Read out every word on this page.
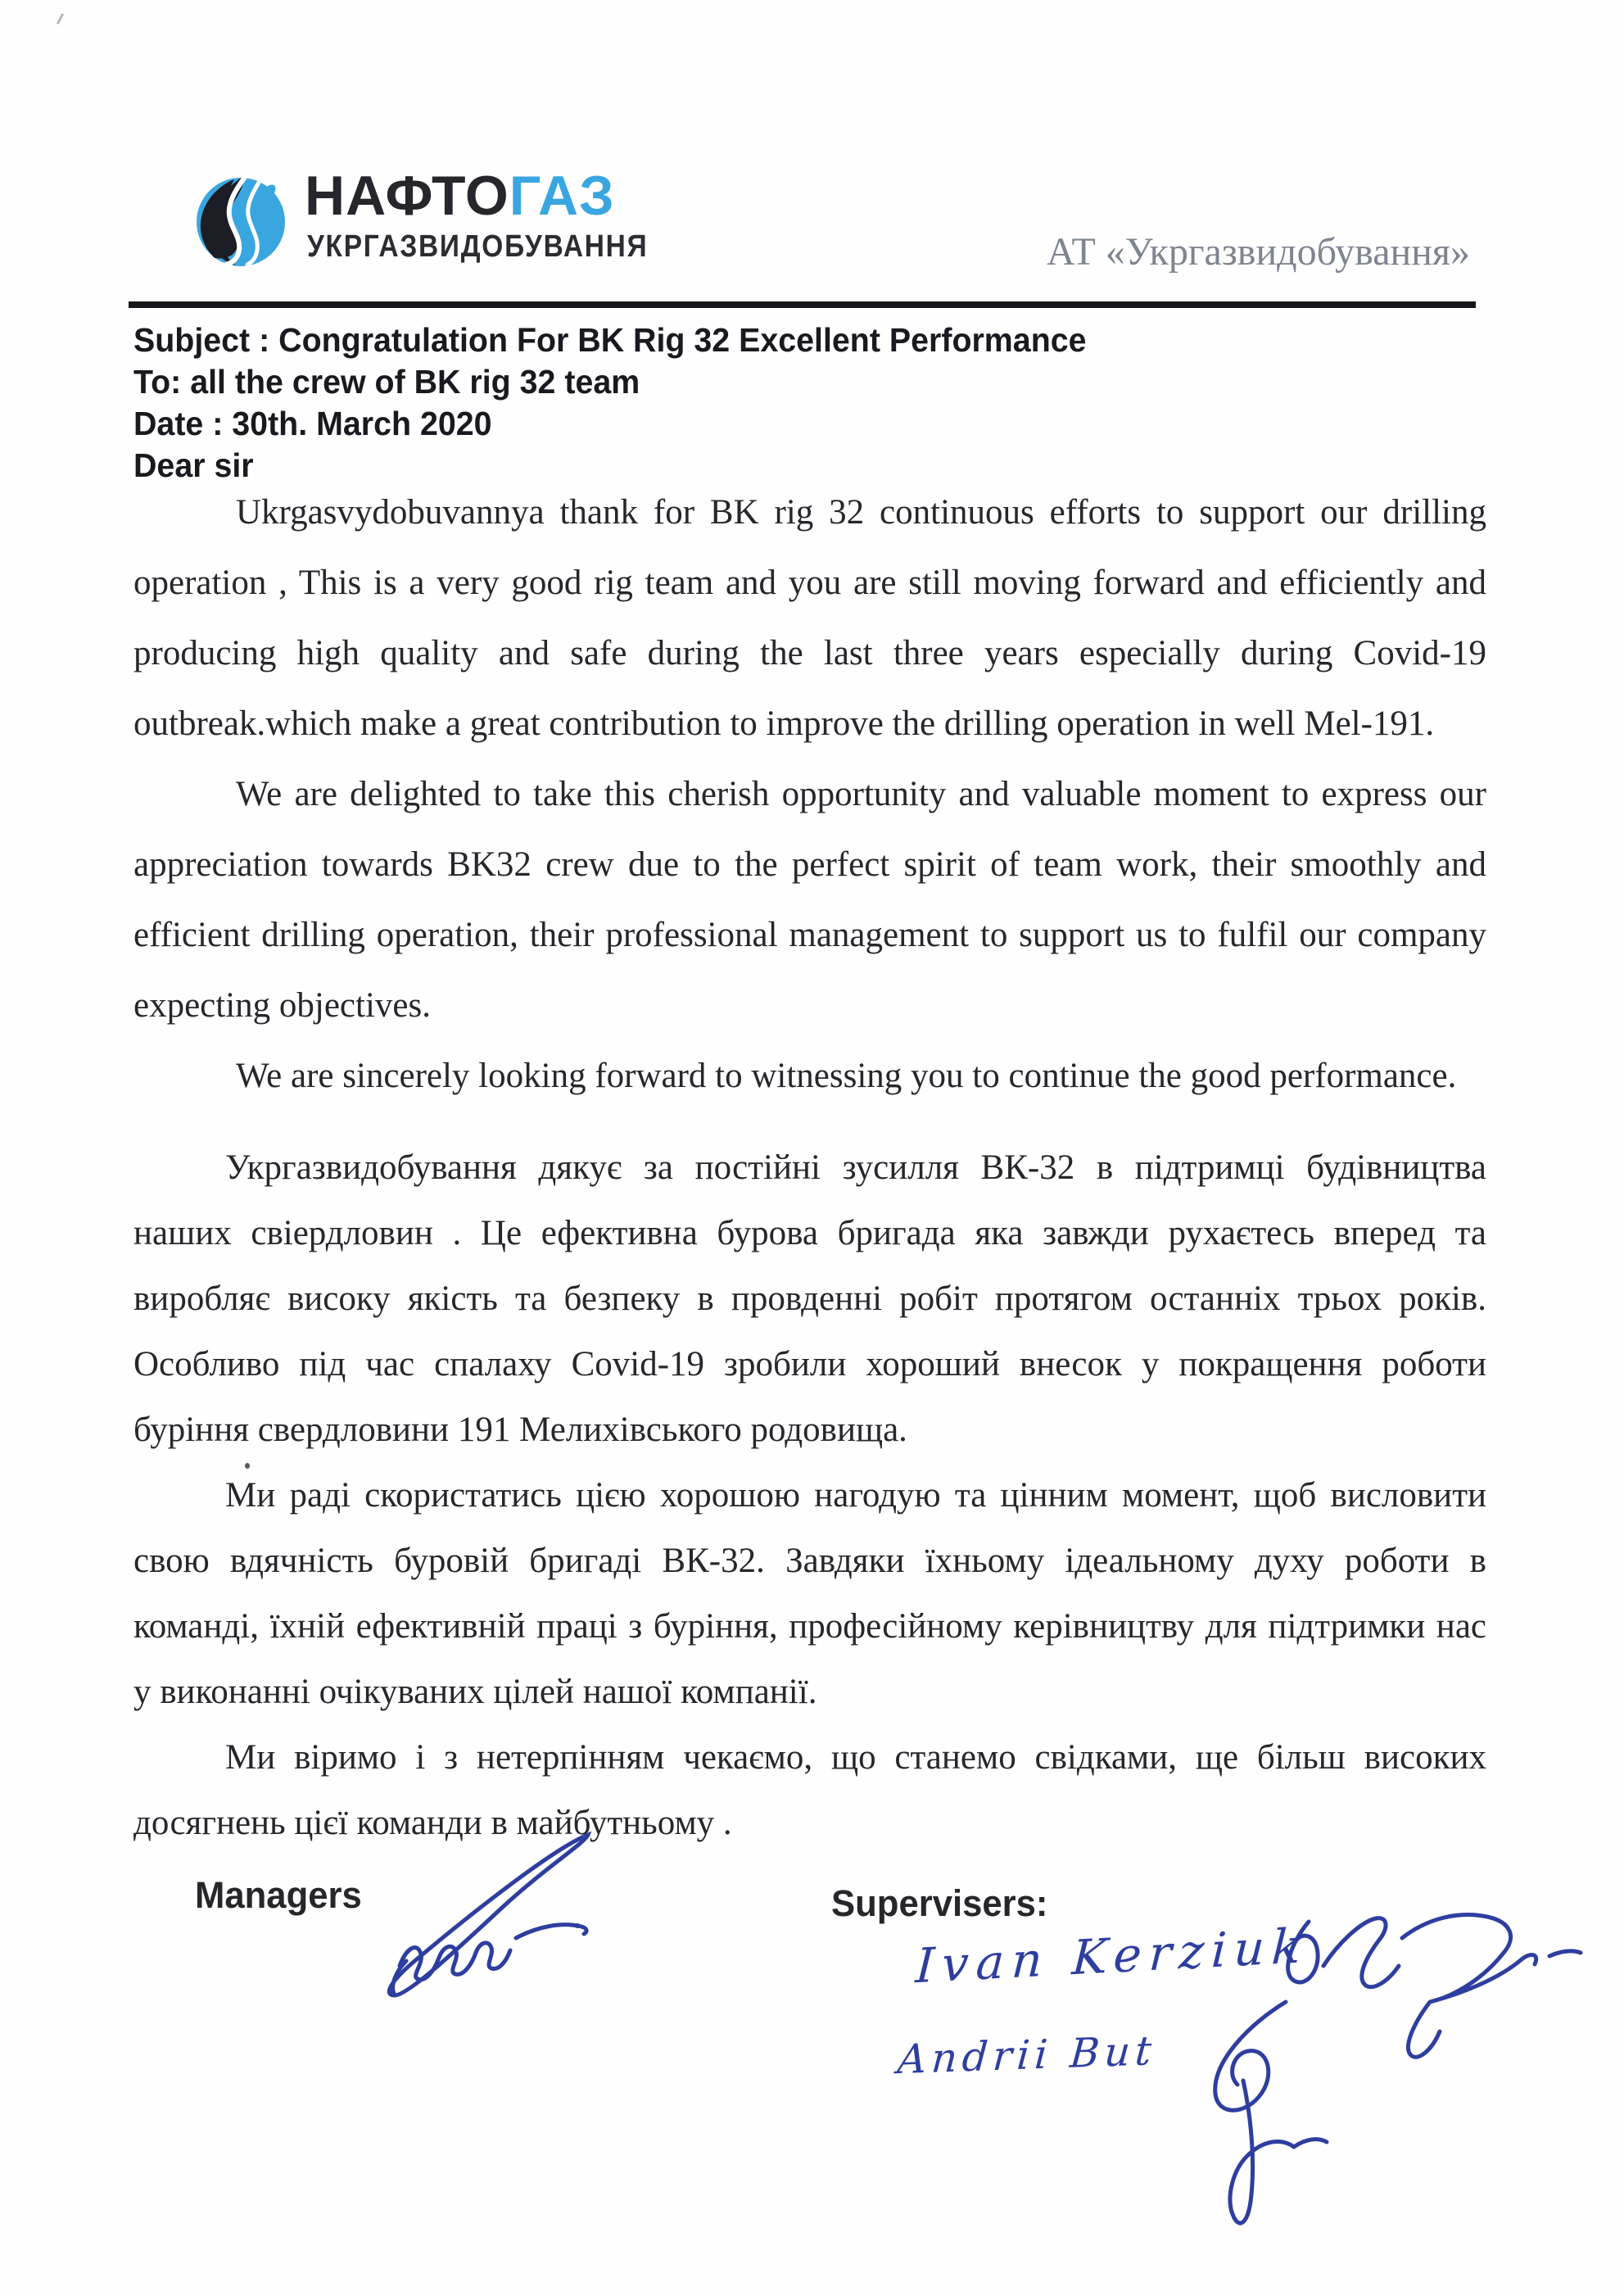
НАФТОГАЗ
УКРГАЗВИДОБУВАННЯ	АТ «Укргазвидобування»
Subject : Congratulation For BK Rig 32 Excellent Performance
To: all the crew of BK rig 32 team
Date : 30th. March 2020
Dear sir

Ukrgasvydobuvannya thank for BK rig 32 continuous efforts to support our drilling operation , This is a very good rig team and you are still moving forward and efficiently and producing high quality and safe during the last three years especially during Covid-19 outbreak.which make a great contribution to improve the drilling operation in well Mel-191.

We are delighted to take this cherish opportunity and valuable moment to express our appreciation towards BK32 crew due to the perfect spirit of team work, their smoothly and efficient drilling operation, their professional management to support us to fulfil our company expecting objectives.

We are sincerely looking forward to witnessing you to continue the good performance.

Укргазвидобування дякує за постійні зусилля ВК-32 в підтримці будівництва наших свіердловин . Це ефективна бурова бригада яка завжди рухаєтесь вперед та виробляє високу якість та безпеку в провденні робіт протягом останніх трьох років. Особливо під час спалаху Covid-19 зробили хороший внесок у покращення роботи буріння свердловини 191 Мелихівського родовища.

Ми раді скористатись цією хорошою нагодую та цінним момент, щоб висловити свою вдячність буровій бригаді ВК-32. Завдяки їхньому ідеальному духу роботи в команді, їхній ефективній праці з буріння, професійному керівництву для підтримки нас у виконанні очікуваних цілей нашої компанії.

Ми віримо і з нетерпінням чекаємо, що станемо свідками, ще більш високих досягнень цієї команди в майбутньому .

Managers	Supervisers:
Ivan Kerziuk
Andrii But
